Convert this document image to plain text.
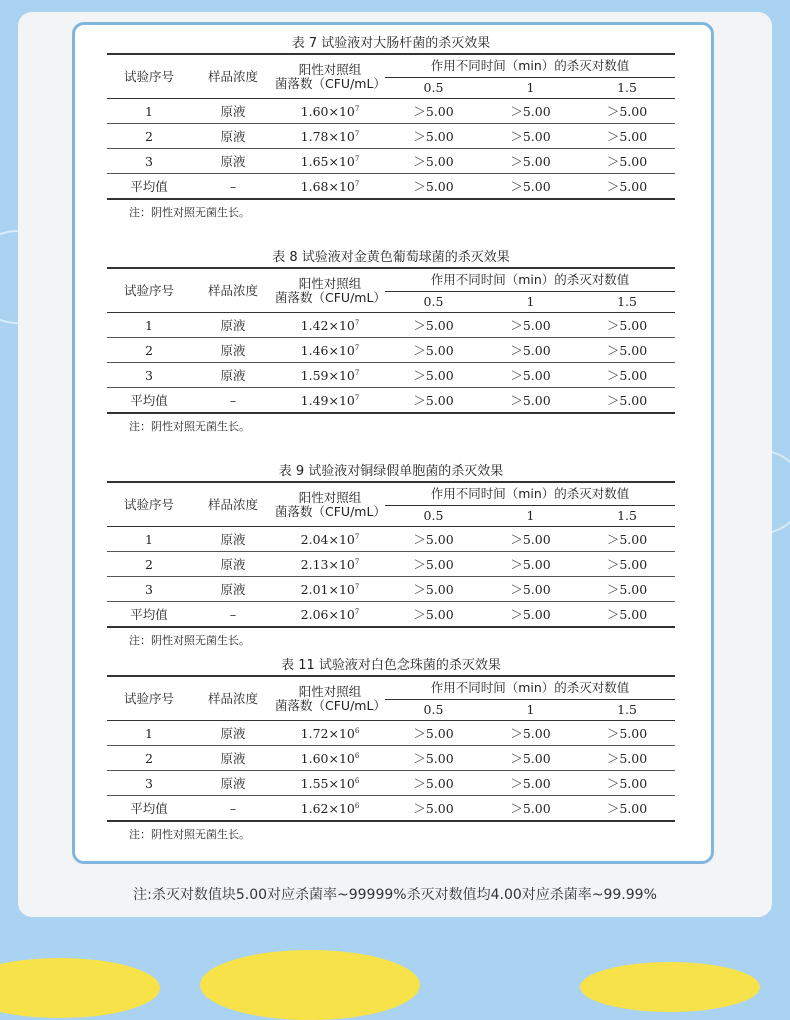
表 7 试验液对大肠杆菌的杀灭效果
试验序号	样品浓度	阳性对照组
菌落数（CFU/mL）	作用不同时间（min）的杀灭对数值		
			0.5	1	1.5
1	原液	$1.60\times 10^7$	＞5.00	＞5.00	＞5.00
2	原液	$1.78\times 10^7$	＞5.00	＞5.00	＞5.00
3	原液	$1.65\times 10^7$	＞5.00	＞5.00	＞5.00
平均值	–	$1.68\times 10^7$	＞5.00	＞5.00	＞5.00
注：阴性对照无菌生长。
表 8 试验液对金黄色葡萄球菌的杀灭效果
试验序号	样品浓度	阳性对照组
菌落数（CFU/mL）	作用不同时间（min）的杀灭对数值		
			0.5	1	1.5
1	原液	$1.42\times 10^7$	＞5.00	＞5.00	＞5.00
2	原液	$1.46\times 10^7$	＞5.00	＞5.00	＞5.00
3	原液	$1.59\times 10^7$	＞5.00	＞5.00	＞5.00
平均值	–	$1.49\times 10^7$	＞5.00	＞5.00	＞5.00
注：阴性对照无菌生长。
表 9 试验液对铜绿假单胞菌的杀灭效果
试验序号	样品浓度	阳性对照组
菌落数（CFU/mL）	作用不同时间（min）的杀灭对数值		
			0.5	1	1.5
1	原液	$2.04\times 10^7$	＞5.00	＞5.00	＞5.00
2	原液	$2.13\times 10^7$	＞5.00	＞5.00	＞5.00
3	原液	$2.01\times 10^7$	＞5.00	＞5.00	＞5.00
平均值	–	$2.06\times 10^7$	＞5.00	＞5.00	＞5.00
注：阴性对照无菌生长。
表 11 试验液对白色念珠菌的杀灭效果
试验序号	样品浓度	阳性对照组
菌落数（CFU/mL）	作用不同时间（min）的杀灭对数值		
			0.5	1	1.5
1	原液	$1.72\times 10^6$	＞5.00	＞5.00	＞5.00
2	原液	$1.60\times 10^6$	＞5.00	＞5.00	＞5.00
3	原液	$1.55\times 10^6$	＞5.00	＞5.00	＞5.00
平均值	–	$1.62\times 10^6$	＞5.00	＞5.00	＞5.00
注：阴性对照无菌生长。
注:杀灭对数值块5.00对应杀菌率~99999%杀灭对数值均4.00对应杀菌率~99.99%
